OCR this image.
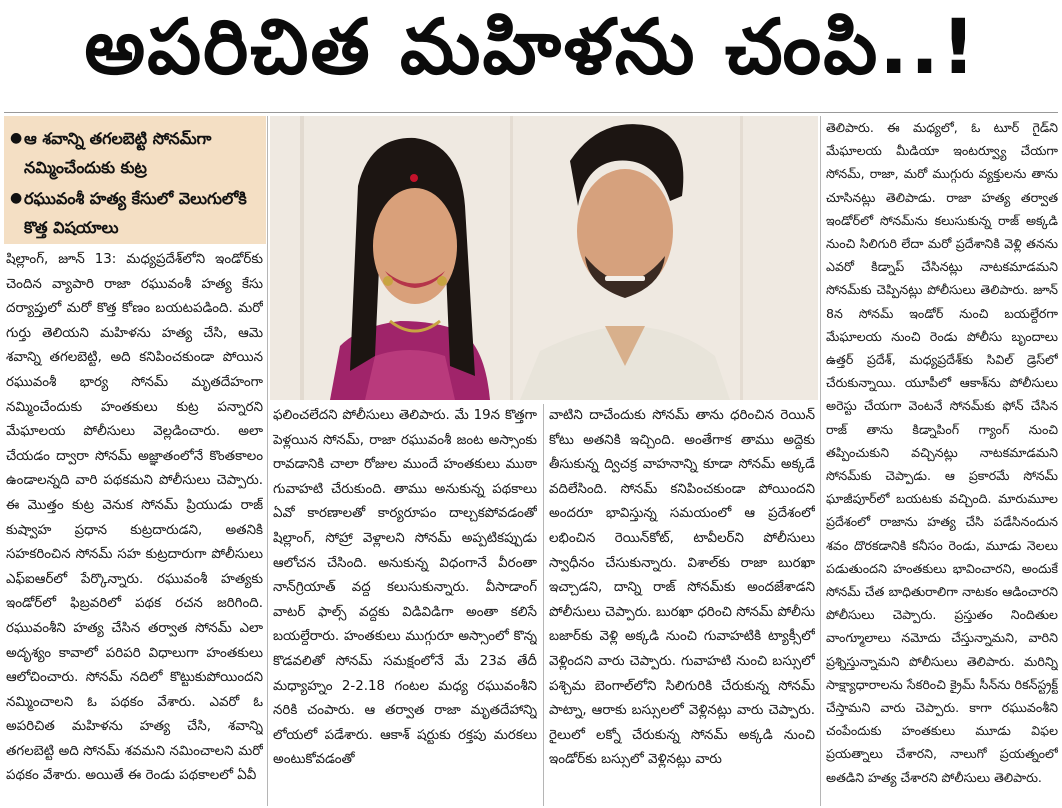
అపరిచిత మహిళను చంపి..!
● ఆ శవాన్ని తగలబెట్టి సోనమ్‌గా నమ్మించేందుకు కుట్ర
● రఘువంశీ హత్య కేసులో వెలుగులోకి కొత్త విషయాలు

షిల్లాంగ్, జూన్ 13: మధ్యప్రదేశ్‌లోని ఇండోర్‌కు చెందిన వ్యాపారి రాజా రఘువంశీ హత్య కేసు దర్యాప్తులో మరో కొత్త కోణం బయటపడింది. మరో గుర్తు తెలియని మహిళను హత్య చేసి, ఆమె శవాన్ని తగలబెట్టి, అది కనిపించకుండా పోయిన రఘువంశీ భార్య సోనమ్ మృతదేహంగా నమ్మించేందుకు హంతకులు కుట్ర పన్నారని మేఘాలయ పోలీసులు వెల్లడించారు. అలా చేయడం ద్వారా సోనమ్ అజ్ఞాతంలోనే కొంతకాలం ఉండాలన్నది వారి పథకమని పోలీసులు చెప్పారు. ఈ మొత్తం కుట్ర వెనుక సోనమ్ ప్రియుడు రాజ్ కుష్వాహ ప్రధాన కుట్రదారుడని, అతనికి సహకరించిన సోనమ్ సహ కుట్రదారుగా పోలీసులు ఎఫ్ఐఆర్‌లో పేర్కొన్నారు. రఘువంశీ హత్యకు ఇండోర్‌లో ఫిబ్రవరిలో పథక రచన జరిగింది. రఘువంశీని హత్య చేసిన తర్వాత సోనమ్ ఎలా అదృశ్యం కావాలో పరిపరి విధాలుగా హంతకులు ఆలోచించారు. సోనమ్ నదిలో కొట్టుకుపోయిందని నమ్మించాలని ఓ పథకం వేశారు. ఎవరో ఓ అపరిచిత మహిళను హత్య చేసి, శవాన్ని తగలబెట్టి అది సోనమ్ శవమని నమించాలని మరో పథకం వేశారు. అయితే ఈ రెండు పథకాలలో ఏవీ

ఫలించలేదని పోలీసులు తెలిపారు. మే 19న కొత్తగా పెళ్లయిన సోనమ్, రాజా రఘువంశీ జంట అస్సాంకు రావడానికి చాలా రోజుల ముందే హంతకులు ముఠా గువాహటి చేరుకుంది. తాము అనుకున్న పథకాలు ఏవో కారణాలతో కార్యరూపం దాల్చకపోవడంతో షిల్లాంగ్, సోహ్రా వెళ్లాలని సోనమ్ అప్పటికప్పుడు ఆలోచన చేసింది. అనుకున్న విధంగానే వీరంతా నాన్‌గ్రియాత్ వద్ద కలుసుకున్నారు. వీసాడాంగ్ వాటర్ ఫాల్స్ వద్దకు విడివిడిగా అంతా కలిసే బయల్దేరారు. హంతకులు ముగ్గురూ అస్సాంలో కొన్న కొడవలితో సోనమ్ సమక్షంలోనే మే 23వ తేదీ మధ్యాహ్నం 2-2.18 గంటల మధ్య రఘువంశీని నరికి చంపారు. ఆ తర్వాత రాజా మృతదేహాన్ని లోయలో పడేశారు. ఆకాశ్ షర్టుకు రక్తపు మరకలు అంటుకోవడంతో

వాటిని దాచేందుకు సోనమ్ తాను ధరించిన రెయిన్ కోటు అతనికి ఇచ్చింది. అంతేగాక తాము అద్దెకు తీసుకున్న ద్విచక్ర వాహనాన్ని కూడా సోనమ్ అక్కడే వదిలేసింది. సోనమ్ కనిపించకుండా పోయిందని అందరూ భావిస్తున్న సమయంలో ఆ ప్రదేశంలో లభించిన రెయిన్‌కోట్, టావీలర్‌ని పోలీసులు స్వాధీనం చేసుకున్నారు. విశాల్‌కు రాజా బురఖా ఇచ్చాడని, దాన్ని రాజ్ సోనమ్‌కు అందజేశాడని పోలీసులు చెప్పారు. బురఖా ధరించి సోనమ్ పోలీసు బజార్‌కు వెళ్లి అక్కడి నుంచి గువాహటికి ట్యాక్సీలో వెళ్లిందని వారు చెప్పారు. గువాహటి నుంచి బస్సులో పశ్చిమ బెంగాల్‌లోని సిలిగురికి చేరుకున్న సోనమ్ పాట్నా, ఆరాకు బస్సులలో వెళ్లినట్లు వారు చెప్పారు. రైలులో లక్నో చేరుకున్న సోనమ్ అక్కడి నుంచి ఇండోర్‌కు బస్సులో వెళ్లినట్లు వారు

తెలిపారు. ఈ మధ్యలో, ఓ టూర్ గైడ్‌ని మేఘాలయ మీడియా ఇంటర్వ్యూ చేయగా సోనమ్, రాజా, మరో ముగ్గురు వ్యక్తులను తాను చూసినట్లు తెలిపాడు. రాజా హత్య తర్వాత ఇండోర్‌లో సోనమ్‌ను కలుసుకున్న రాజ్ అక్కడి నుంచి సిలిగురి లేదా మరో ప్రదేశానికి వెళ్లి తనను ఎవరో కిడ్నాప్ చేసినట్లు నాటకమాడమని సోనమ్‌కు చెప్పినట్లు పోలీసులు తెలిపారు. జూన్ 8న సోనమ్ ఇండోర్ నుంచి బయల్దేరగా మేఘాలయ నుంచి రెండు పోలీసు బృందాలు ఉత్తర్ ప్రదేశ్, మధ్యప్రదేశ్‌కు సివిల్ డ్రెస్‌లో చేరుకున్నాయి. యూపీలో ఆకాశ్‌ను పోలీసులు అరెస్టు చేయగా వెంటనే సోనమ్‌కు ఫోన్ చేసిన రాజ్ తాను కిడ్నాపింగ్ గ్యాంగ్ నుంచి తప్పించుకుని వచ్చినట్లు నాటకమాడమని సోనమ్‌కు చెప్పాడు. ఆ ప్రకారమే సోనమ్ ఘాజీపూర్‌లో బయటకు వచ్చింది. మారుమూల ప్రదేశంలో రాజాను హత్య చేసి పడేసినందున శవం దొరకడానికి కనీసం రెండు, మూడు నెలలు పడుతుందని హంతకులు భావించారని, అందుకే సోనమ్ చేత బాధితురాలిగా నాటకం ఆడించారని పోలీసులు చెప్పారు. ప్రస్తుతం నిందితుల వాంగ్మూలాలు నమోదు చేస్తున్నామని, వారిని ప్రశ్నిస్తున్నామని పోలీసులు తెలిపారు. మరిన్ని సాక్ష్యాధారాలను సేకరించి క్రైమ్ సీన్‌ను రికన్‌స్ట్రక్ట్ చేస్తామని వారు చెప్పారు. కాగా రఘువంశీని చంపేందుకు హంతకులు మూడు విఫల ప్రయత్నాలు చేశారని, నాలుగో ప్రయత్నంలో అతడిని హత్య చేశారని పోలీసులు తెలిపారు.
